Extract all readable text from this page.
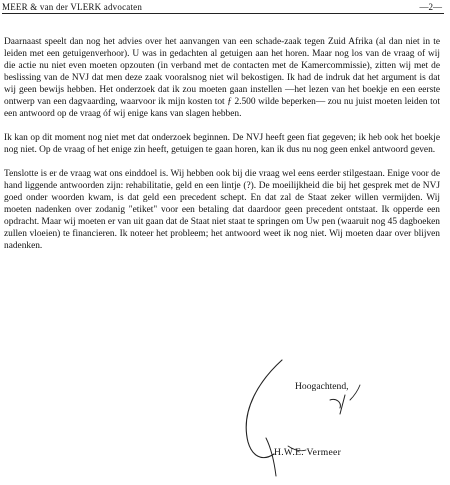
MEER & van der VLERK advocaten	—2—

Daarnaast speelt dan nog het advies over het aanvangen van een schade-zaak tegen Zuid Afrika (al dan niet in te leiden met een getuigenverhoor). U was in gedachten al getuigen aan het horen. Maar nog los van de vraag of wij die actie nu niet even moeten opzouten (in verband met de contacten met de Kamercommissie), zitten wij met de beslissing van de NVJ dat men deze zaak vooralsnog niet wil bekostigen. Ik had de indruk dat het argument is dat wij geen bewijs hebben. Het onderzoek dat ik zou moeten gaan instellen —het lezen van het boekje en een eerste ontwerp van een dagvaarding, waarvoor ik mijn kosten tot ƒ 2.500 wilde beperken— zou nu juist moeten leiden tot een antwoord op de vraag óf wij enige kans van slagen hebben.

Ik kan op dit moment nog niet met dat onderzoek beginnen. De NVJ heeft geen fiat gegeven; ik heb ook het boekje nog niet. Op de vraag of het enige zin heeft, getuigen te gaan horen, kan ik dus nu nog geen enkel antwoord geven.

Tenslotte is er de vraag wat ons einddoel is. Wij hebben ook bij die vraag wel eens eerder stilgestaan. Enige voor de hand liggende antwoorden zijn: rehabilitatie, geld en een lintje (?). De moeilijkheid die bij het gesprek met de NVJ goed onder woorden kwam, is dat geld een precedent schept. En dat zal de Staat zeker willen vermijden. Wij moeten nadenken over zodanig "etiket" voor een betaling dat daardoor geen precedent ontstaat. Ik opperde een opdracht. Maar wij moeten er van uit gaan dat de Staat niet staat te springen om Uw pen (waaruit nog 45 dagboeken zullen vloeien) te financieren. Ik noteer het probleem; het antwoord weet ik nog niet. Wij moeten daar over blijven nadenken.

Hoogachtend,
H.W.E. Vermeer
